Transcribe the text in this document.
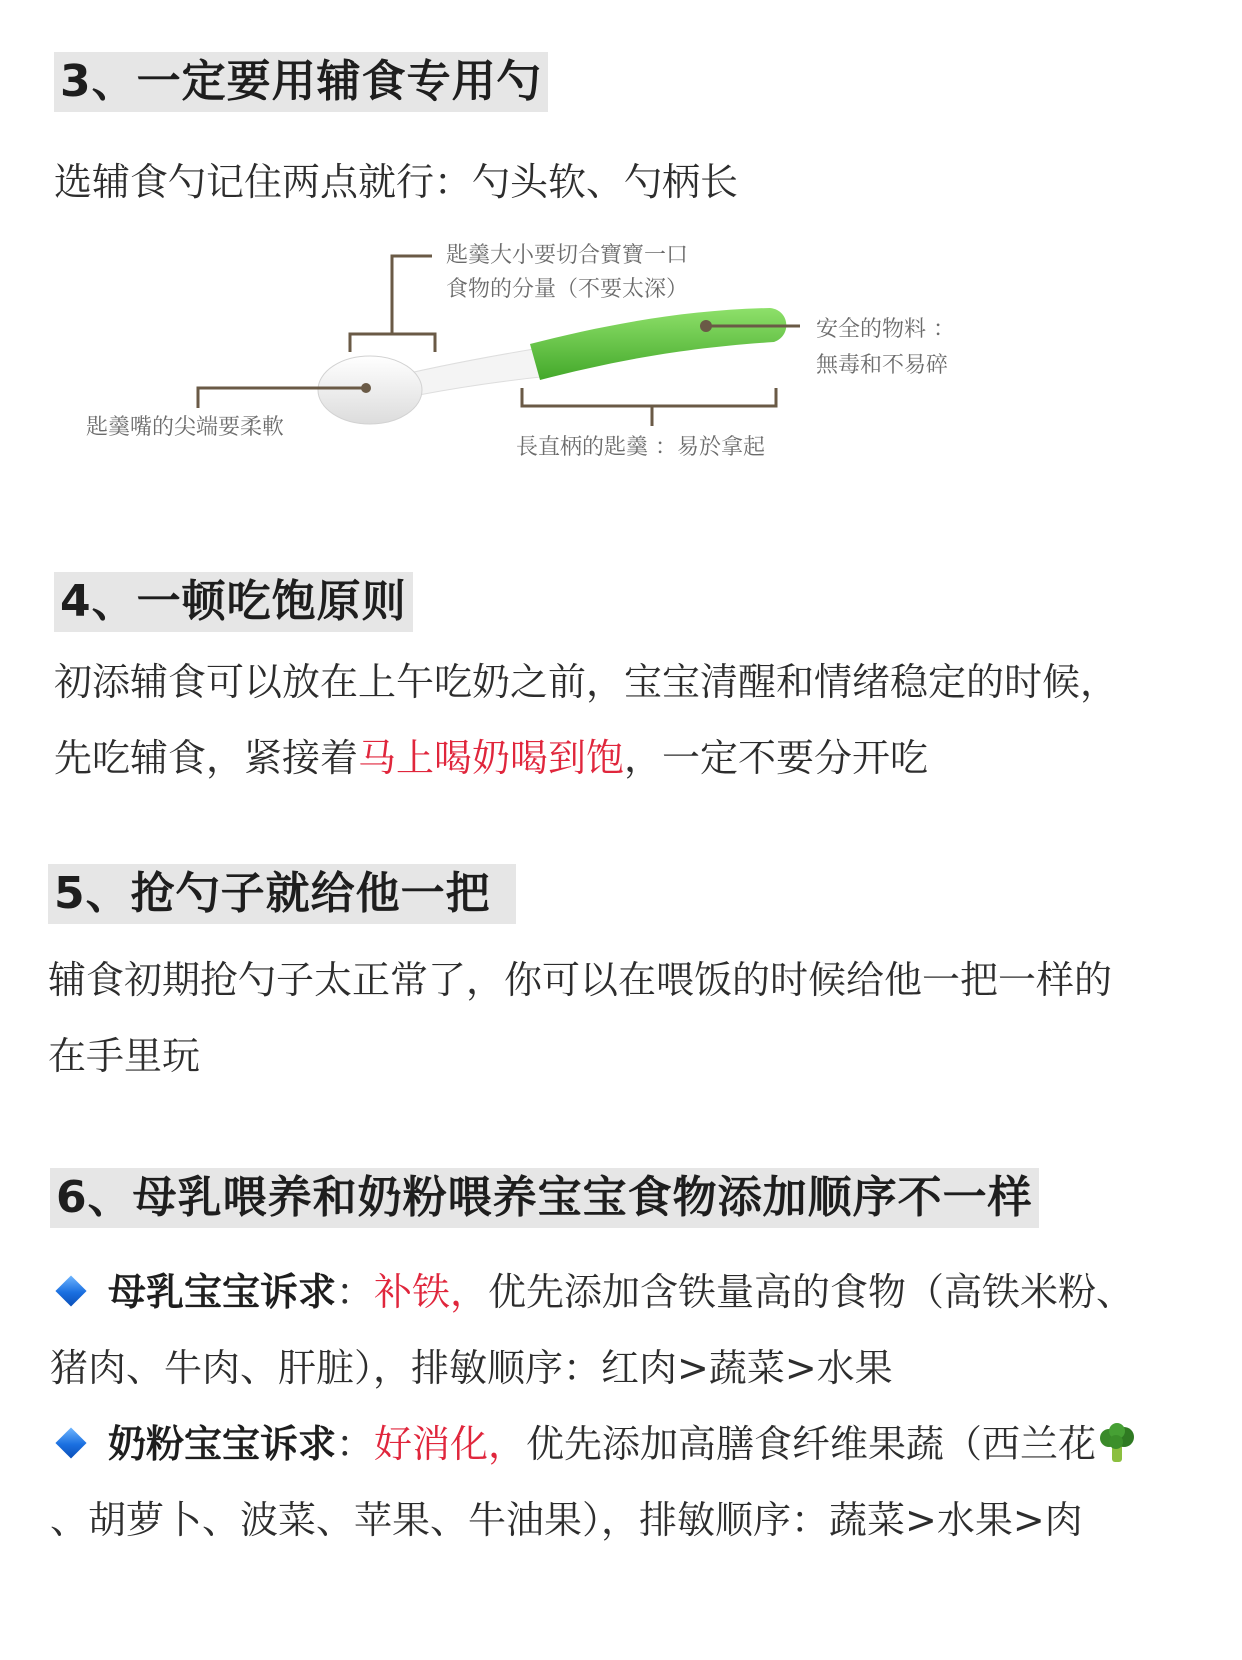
3、一定要用辅食专用勺
选辅食勺记住两点就行：勺头软、勺柄长
匙羹大小要切合寶寶一口
食物的分量（不要太深）
安全的物料 ：
無毒和不易碎
匙羹嘴的尖端要柔軟
長直柄的匙羹 ：易於拿起
4、一顿吃饱原则
初添辅食可以放在上午吃奶之前，宝宝清醒和情绪稳定的时候，
先吃辅食，紧接着马上喝奶喝到饱，一定不要分开吃
5、抢勺子就给他一把
辅食初期抢勺子太正常了，你可以在喂饭的时候给他一把一样的
在手里玩
6、母乳喂养和奶粉喂养宝宝食物添加顺序不一样
母乳宝宝诉求：补铁，优先添加含铁量高的食物（高铁米粉、
猪肉、牛肉、肝脏），排敏顺序：红肉>蔬菜>水果
奶粉宝宝诉求：好消化，优先添加高膳食纤维果蔬（西兰花
、胡萝卜、波菜、苹果、牛油果），排敏顺序：蔬菜>水果>肉
